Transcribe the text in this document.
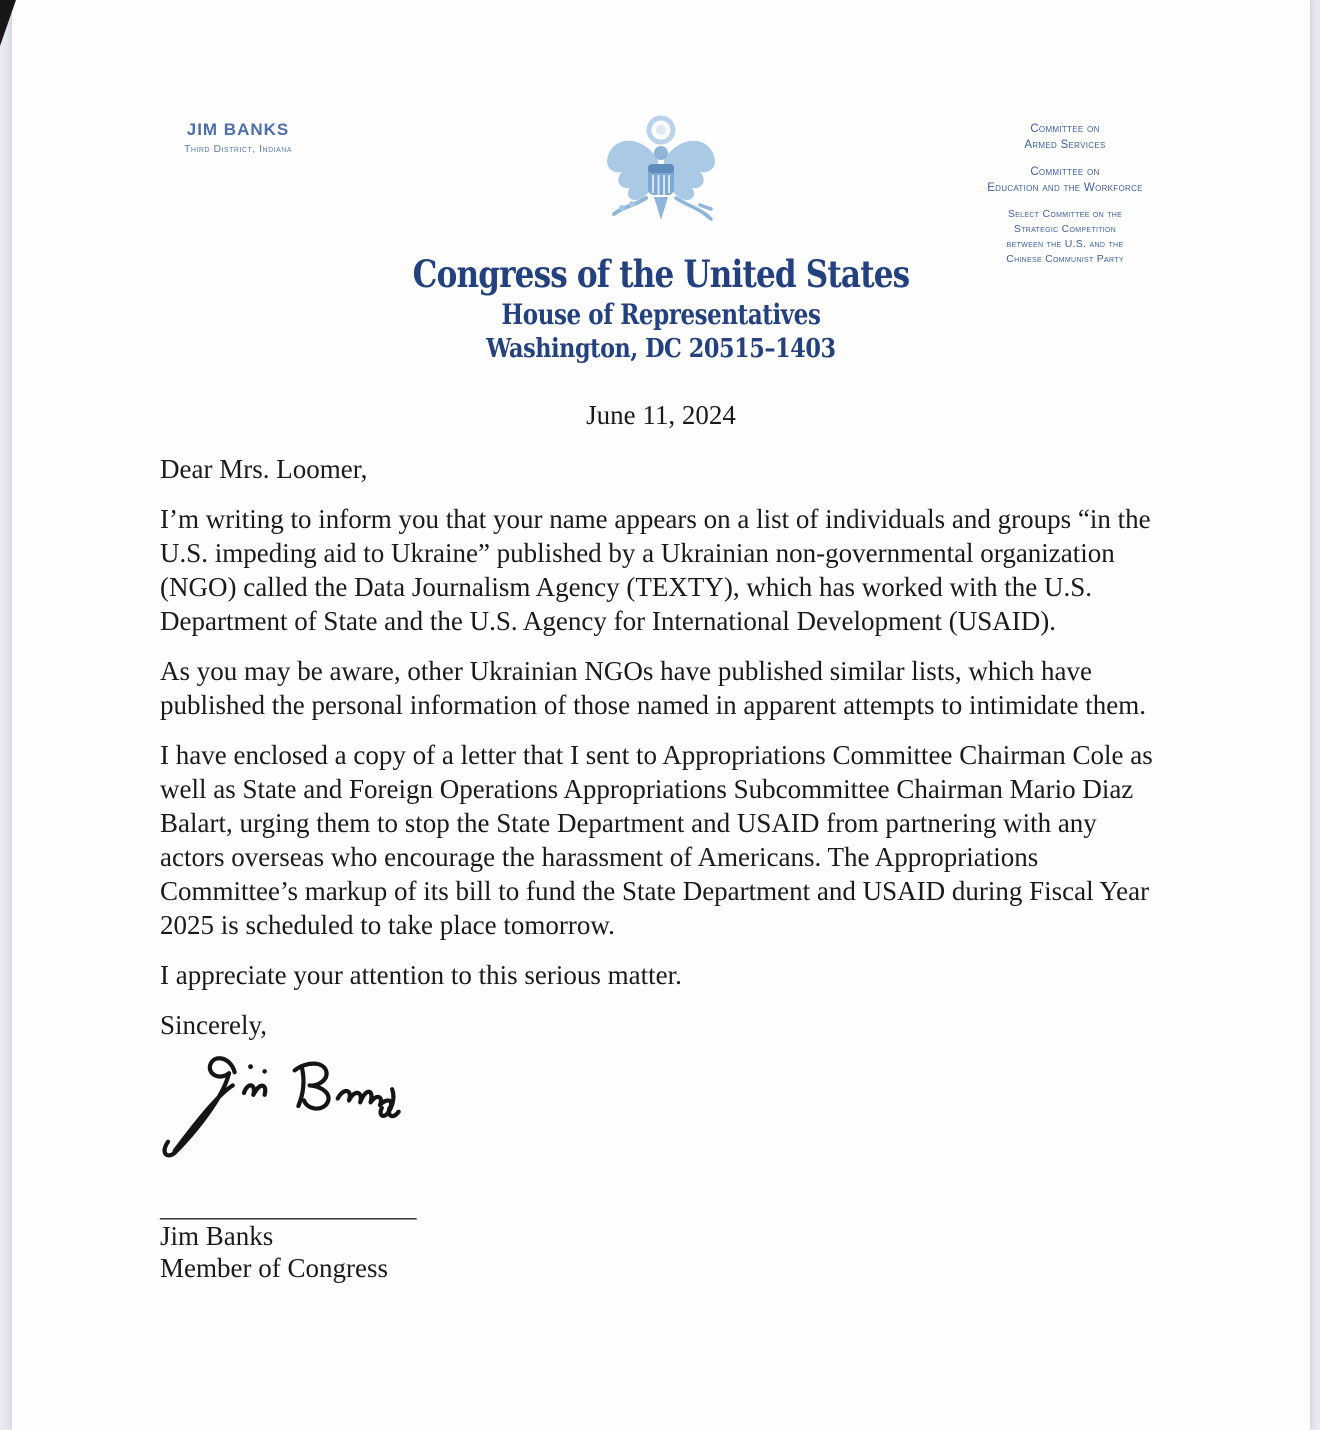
JIM BANKS
Third District, Indiana
Committee on
Armed Services
Committee on
Education and the Workforce
Select Committee on the
Strategic Competition
between the U.S. and the
Chinese Communist Party
Congress of the United States
House of Representatives
Washington, DC 20515–1403
June 11, 2024
Dear Mrs. Loomer,

I’m writing to inform you that your name appears on a list of individuals and groups “in the U.S. impeding aid to Ukraine” published by a Ukrainian non-governmental organization (NGO) called the Data Journalism Agency (TEXTY), which has worked with the U.S. Department of State and the U.S. Agency for International Development (USAID).

As you may be aware, other Ukrainian NGOs have published similar lists, which have published the personal information of those named in apparent attempts to intimidate them.

I have enclosed a copy of a letter that I sent to Appropriations Committee Chairman Cole as well as State and Foreign Operations Appropriations Subcommittee Chairman Mario Diaz Balart, urging them to stop the State Department and USAID from partnering with any actors overseas who encourage the harassment of Americans. The Appropriations Committee’s markup of its bill to fund the State Department and USAID during Fiscal Year 2025 is scheduled to take place tomorrow.

I appreciate your attention to this serious matter.

Sincerely,
___________________
Jim Banks
Member of Congress
